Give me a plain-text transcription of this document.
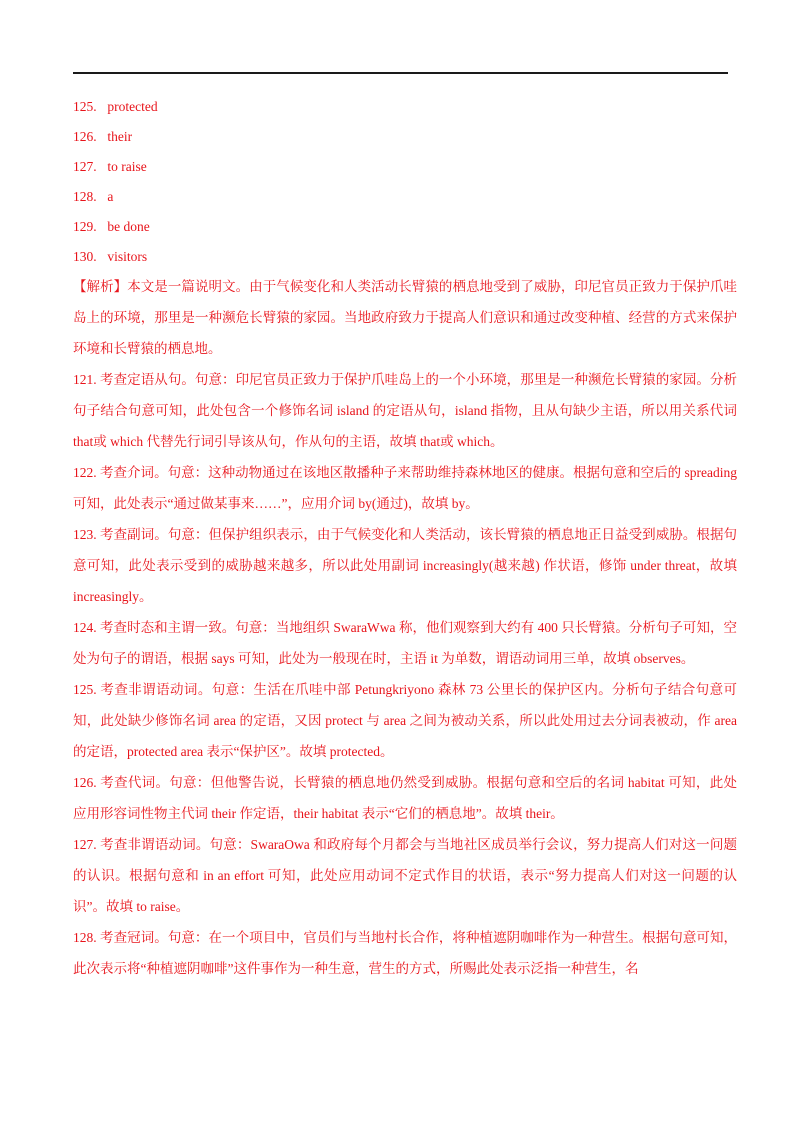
125. protected
126. their
127. to raise
128. a
129. be done
130. visitors

【解析】本文是一篇说明文。由于气候变化和人类活动长臂猿的栖息地受到了威胁，印尼官员正致力于保护爪哇岛上的环境，那里是一种濒危长臂猿的家园。当地政府致力于提高人们意识和通过改变种植、经营的方式来保护环境和长臂猿的栖息地。

121. 考查定语从句。句意：印尼官员正致力于保护爪哇岛上的一个小环境，那里是一种濒危长臂猿的家园。分析句子结合句意可知，此处包含一个修饰名词 island 的定语从句，island 指物，且从句缺少主语，所以用关系代词 that或 which 代替先行词引导该从句，作从句的主语，故填 that或 which。

122. 考查介词。句意：这种动物通过在该地区散播种子来帮助维持森林地区的健康。根据句意和空后的 spreading 可知，此处表示“通过做某事来……”，应用介词 by(通过)，故填 by。

123. 考查副词。句意：但保护组织表示，由于气候变化和人类活动，该长臂猿的栖息地正日益受到威胁。根据句意可知，此处表示受到的威胁越来越多，所以此处用副词 increasingly(越来越) 作状语，修饰 under threat，故填 increasingly。

124. 考查时态和主谓一致。句意：当地组织 SwaraWwa 称，他们观察到大约有 400 只长臂猿。分析句子可知，空处为句子的谓语，根据 says 可知，此处为一般现在时，主语 it 为单数，谓语动词用三单，故填 observes。

125. 考查非谓语动词。句意：生活在爪哇中部 Petungkriyono 森林 73 公里长的保护区内。分析句子结合句意可知，此处缺少修饰名词 area 的定语，又因 protect 与 area 之间为被动关系，所以此处用过去分词表被动，作 area 的定语，protected area 表示“保护区”。故填 protected。

126. 考查代词。句意：但他警告说，长臂猿的栖息地仍然受到威胁。根据句意和空后的名词 habitat 可知，此处应用形容词性物主代词 their 作定语，their habitat 表示“它们的栖息地”。故填 their。

127. 考查非谓语动词。句意：SwaraOwa 和政府每个月都会与当地社区成员举行会议，努力提高人们对这一问题的认识。根据句意和 in an effort 可知，此处应用动词不定式作目的状语，表示“努力提高人们对这一问题的认识”。故填 to raise。

128. 考查冠词。句意：在一个项目中，官员们与当地村长合作，将种植遮阴咖啡作为一种营生。根据句意可知，此次表示将“种植遮阴咖啡”这件事作为一种生意，营生的方式，所赐此处表示泛指一种营生，名
